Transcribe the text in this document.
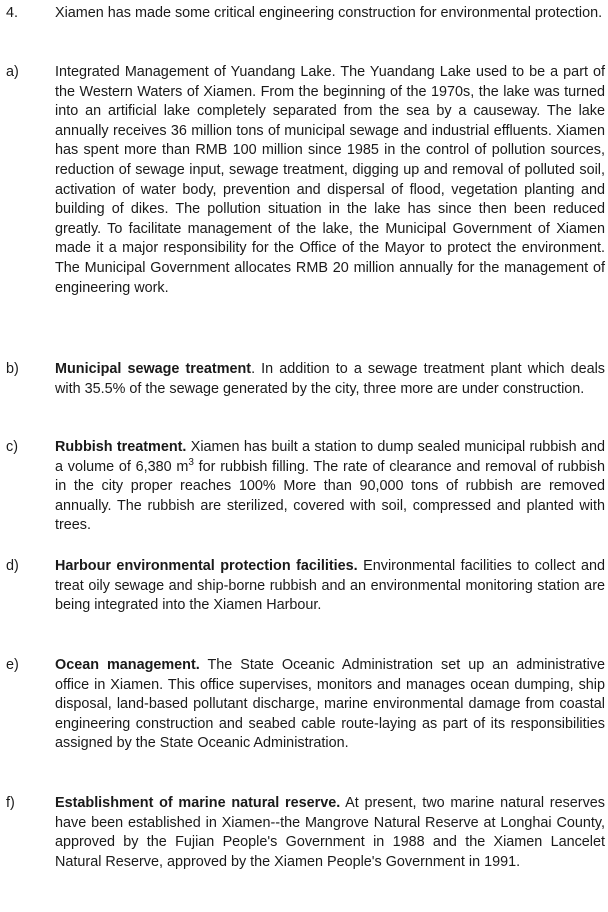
4.	Xiamen has made some critical engineering construction for environmental protection.
a)	Integrated Management of Yuandang Lake. The Yuandang Lake used to be a part of the Western Waters of Xiamen. From the beginning of the 1970s, the lake was turned into an artificial lake completely separated from the sea by a causeway. The lake annually receives 36 million tons of municipal sewage and industrial effluents. Xiamen has spent more than RMB 100 million since 1985 in the control of pollution sources, reduction of sewage input, sewage treatment, digging up and removal of polluted soil, activation of water body, prevention and dispersal of flood, vegetation planting and building of dikes. The pollution situation in the lake has since then been reduced greatly. To facilitate management of the lake, the Municipal Government of Xiamen made it a major responsibility for the Office of the Mayor to protect the environment. The Municipal Government allocates RMB 20 million annually for the management of engineering work.
b)	Municipal sewage treatment. In addition to a sewage treatment plant which deals with 35.5% of the sewage generated by the city, three more are under construction.
c)	Rubbish treatment. Xiamen has built a station to dump sealed municipal rubbish and a volume of 6,380 $m^3$ for rubbish filling. The rate of clearance and removal of rubbish in the city proper reaches 100% More than 90,000 tons of rubbish are removed annually. The rubbish are sterilized, covered with soil, compressed and planted with trees.
d)	Harbour environmental protection facilities. Environmental facilities to collect and treat oily sewage and ship-borne rubbish and an environmental monitoring station are being integrated into the Xiamen Harbour.
e)	Ocean management. The State Oceanic Administration set up an administrative office in Xiamen. This office supervises, monitors and manages ocean dumping, ship disposal, land-based pollutant discharge, marine environmental damage from coastal engineering construction and seabed cable route-laying as part of its responsibilities assigned by the State Oceanic Administration.
f)	Establishment of marine natural reserve. At present, two marine natural reserves have been established in Xiamen--the Mangrove Natural Reserve at Longhai County, approved by the Fujian People's Government in 1988 and the Xiamen Lancelet Natural Reserve, approved by the Xiamen People's Government in 1991.
